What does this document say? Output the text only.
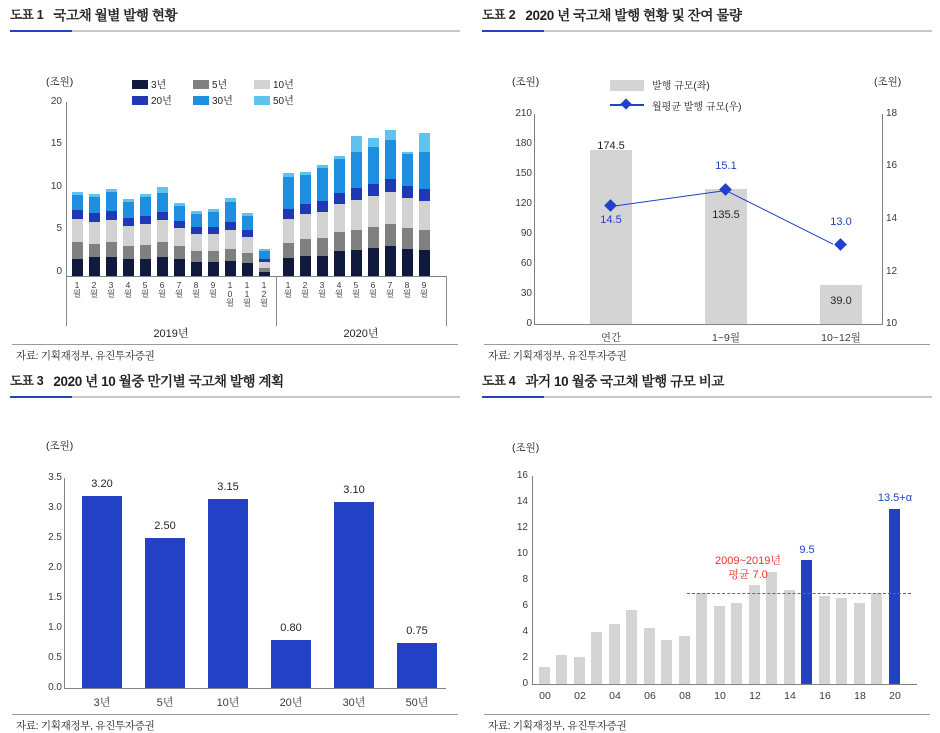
도표 1 국고채 월별 발행 현황
(조원)	3년	5년	10년
20년	30년	50년
20
15
10
5
0
1월 2월 3월 4월 5월 6월 7월 8월 9월 10월 11월 12월 1월 2월 3월 4월 5월 6월 7월 8월 9월
2019년	2020년
자료: 기획재정부, 유진투자증권
도표 2 2020 년 국고채 발행 현황 및 잔여 물량
(조원)	(조원)
발행 규모(좌)
월평균 발행 규모(우)
210
180
150
120
90
60
30
0
18
16
14
12
10
174.5
135.5
39.0
14.5
15.1
13.0
연간	1~9월	10~12월
자료: 기획재정부, 유진투자증권
도표 3 2020 년 10 월중 만기별 국고채 발행 계획
(조원)
3.5
3.0
2.5
2.0
1.5
1.0
0.5
0.0
3.20
2.50
3.15
0.80
3.10
0.75
3년	5년	10년	20년	30년	50년
자료: 기획재정부, 유진투자증권
도표 4 과거 10 월중 국고채 발행 규모 비교
(조원)
16
14
12
10
8
6
4
2
0
2009~2019년
평균 7.0
9.5
13.5+α
00	02	04	06	08	10	12	14	16	18	20
자료: 기획재정부, 유진투자증권
